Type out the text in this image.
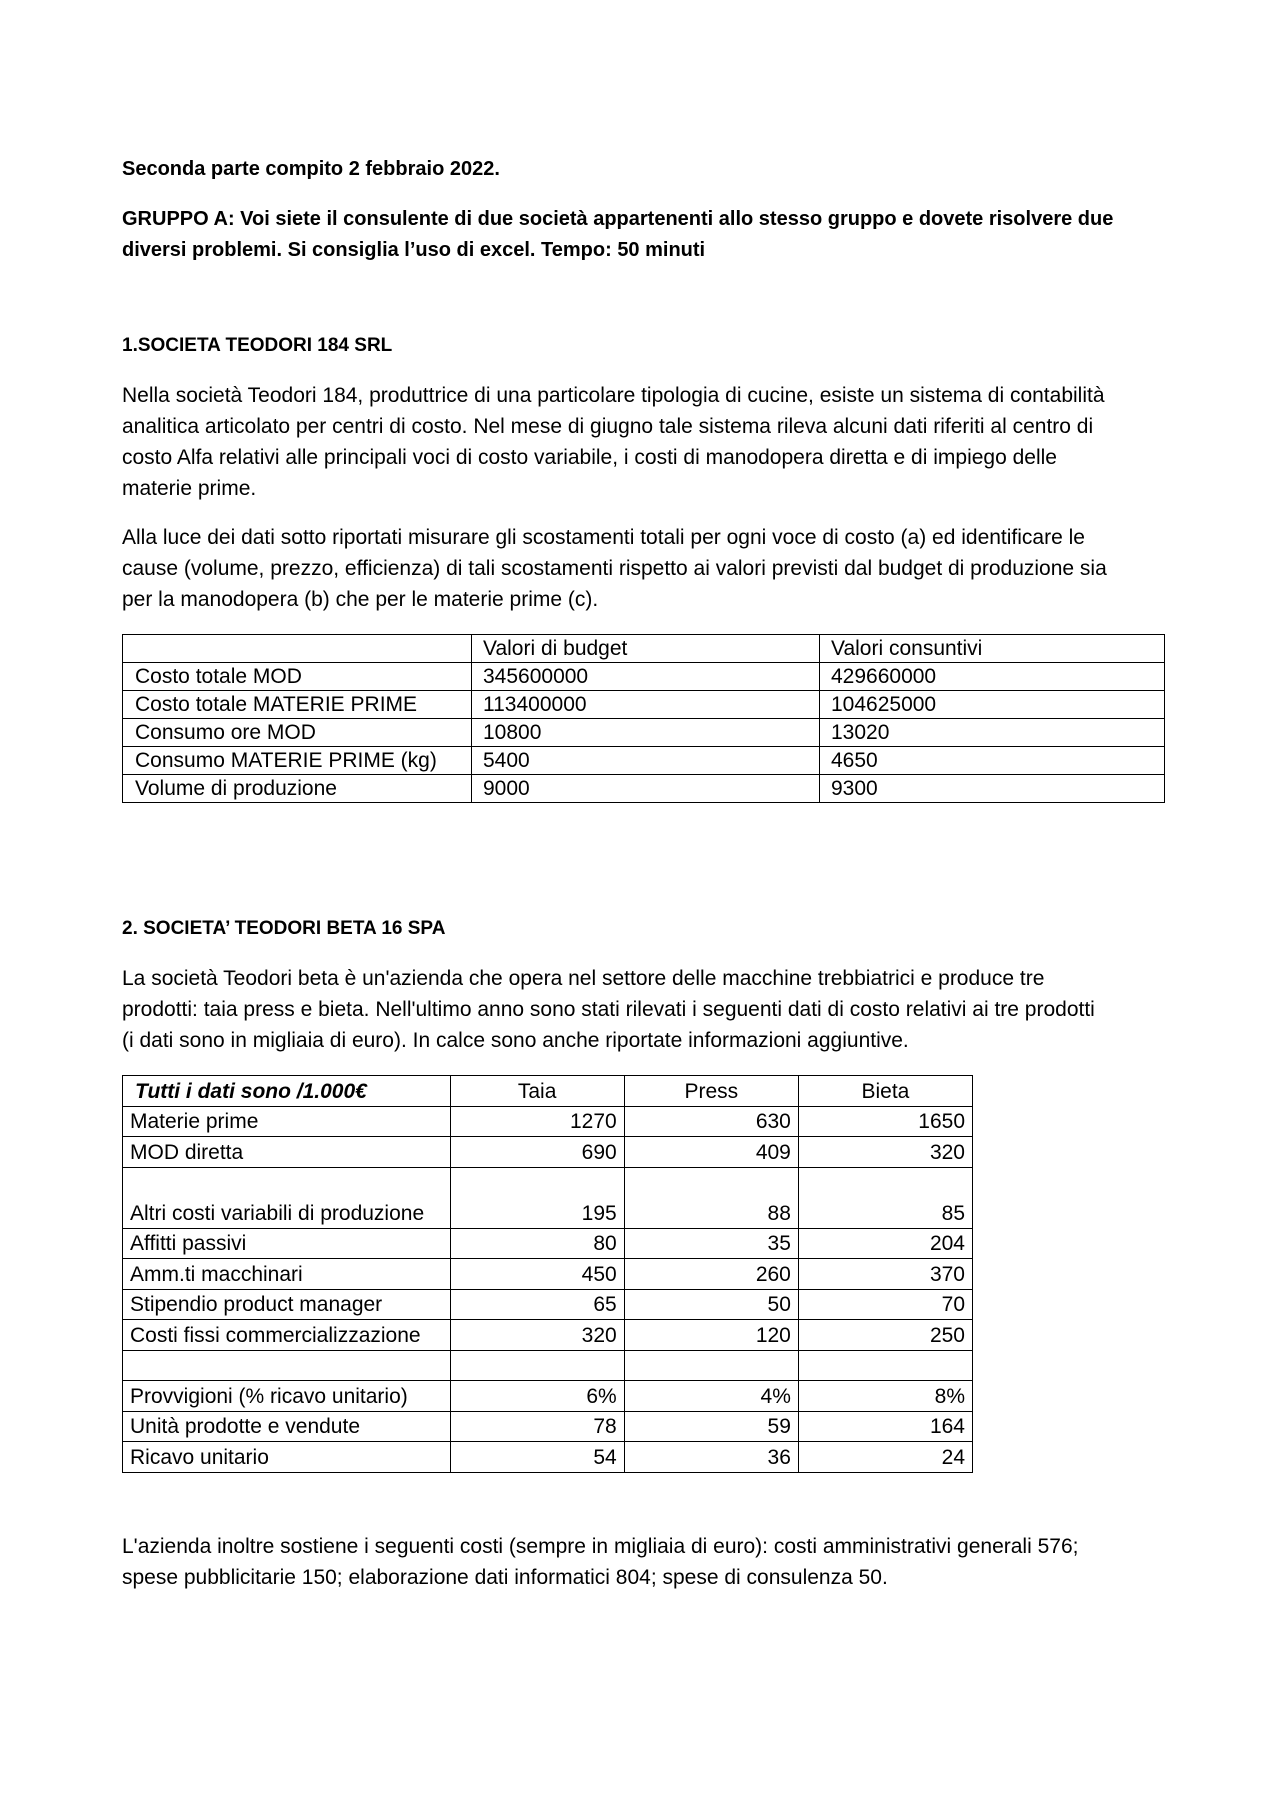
Seconda parte compito 2 febbraio 2022.

GRUPPO A: Voi siete il consulente di due società appartenenti allo stesso gruppo e dovete risolvere due
diversi problemi. Si consiglia l’uso di excel. Tempo: 50 minuti

1.SOCIETA TEODORI 184 SRL

Nella società Teodori 184, produttrice di una particolare tipologia di cucine, esiste un sistema di contabilità
analitica articolato per centri di costo. Nel mese di giugno tale sistema rileva alcuni dati riferiti al centro di
costo Alfa relativi alle principali voci di costo variabile, i costi di manodopera diretta e di impiego delle
materie prime.
Alla luce dei dati sotto riportati misurare gli scostamenti totali per ogni voce di costo (a) ed identificare le
cause (volume, prezzo, efficienza) di tali scostamenti rispetto ai valori previsti dal budget di produzione sia
per la manodopera (b) che per le materie prime (c).
	Valori di budget	Valori consuntivi
Costo totale MOD	345600000	429660000
Costo totale MATERIE PRIME	113400000	104625000
Consumo ore MOD	10800	13020
Consumo MATERIE PRIME (kg)	5400	4650
Volume di produzione	9000	9300

2. SOCIETA’ TEODORI BETA 16 SPA

La società Teodori beta è un'azienda che opera nel settore delle macchine trebbiatrici e produce tre
prodotti: taia press e bieta. Nell'ultimo anno sono stati rilevati i seguenti dati di costo relativi ai tre prodotti
(i dati sono in migliaia di euro). In calce sono anche riportate informazioni aggiuntive.
Tutti i dati sono /1.000€	Taia	Press	Bieta
Materie prime	1270	630	1650
MOD diretta	690	409	320
Altri costi variabili di produzione	195	88	85
Affitti passivi	80	35	204
Amm.ti macchinari	450	260	370
Stipendio product manager	65	50	70
Costi fissi commercializzazione	320	120	250

Provvigioni (% ricavo unitario)	6%	4%	8%
Unità prodotte e vendute	78	59	164
Ricavo unitario	54	36	24
L'azienda inoltre sostiene i seguenti costi (sempre in migliaia di euro): costi amministrativi generali 576;
spese pubblicitarie 150; elaborazione dati informatici 804; spese di consulenza 50.
